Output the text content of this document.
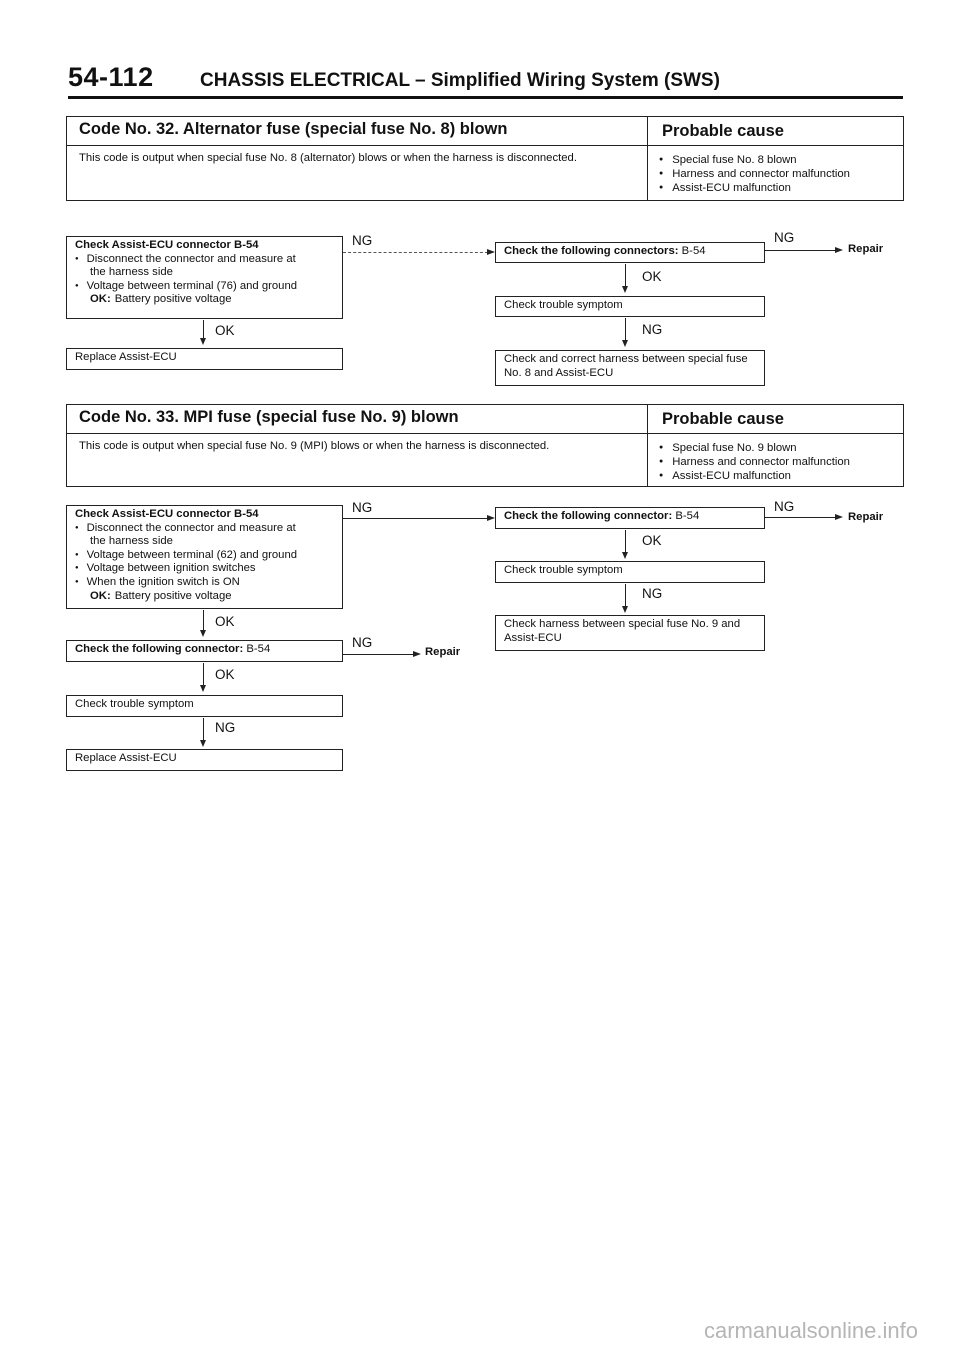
54-112 CHASSIS ELECTRICAL – Simplified Wiring System (SWS)
Code No. 32. Alternator fuse (special fuse No. 8) blown	Probable cause
This code is output when special fuse No. 8 (alternator) blows or when the harness is disconnected.	● Special fuse No. 8 blown
● Harness and connector malfunction
● Assist-ECU malfunction
Check Assist-ECU connector B-54
● Disconnect the connector and measure at
the harness side
● Voltage between terminal (76) and ground
OK: Battery positive voltage
OK
Replace Assist-ECU
NG
Check the following connectors: B-54
NG
Repair
OK
Check trouble symptom
NG
Check and correct harness between special fuse No. 8 and Assist-ECU
Code No. 33. MPI fuse (special fuse No. 9) blown	Probable cause
This code is output when special fuse No. 9 (MPI) blows or when the harness is disconnected.	● Special fuse No. 9 blown
● Harness and connector malfunction
● Assist-ECU malfunction
Check Assist-ECU connector B-54
● Disconnect the connector and measure at
the harness side
● Voltage between terminal (62) and ground
● Voltage between ignition switches
● When the ignition switch is ON
OK: Battery positive voltage
NG
OK
Check the following connector: B-54	NG
Repair
OK
Check trouble symptom
NG
Replace Assist-ECU
Check the following connector: B-54
NG
Repair
OK
Check trouble symptom
NG
Check harness between special fuse No. 9 and Assist-ECU
carmanualsonline.info
